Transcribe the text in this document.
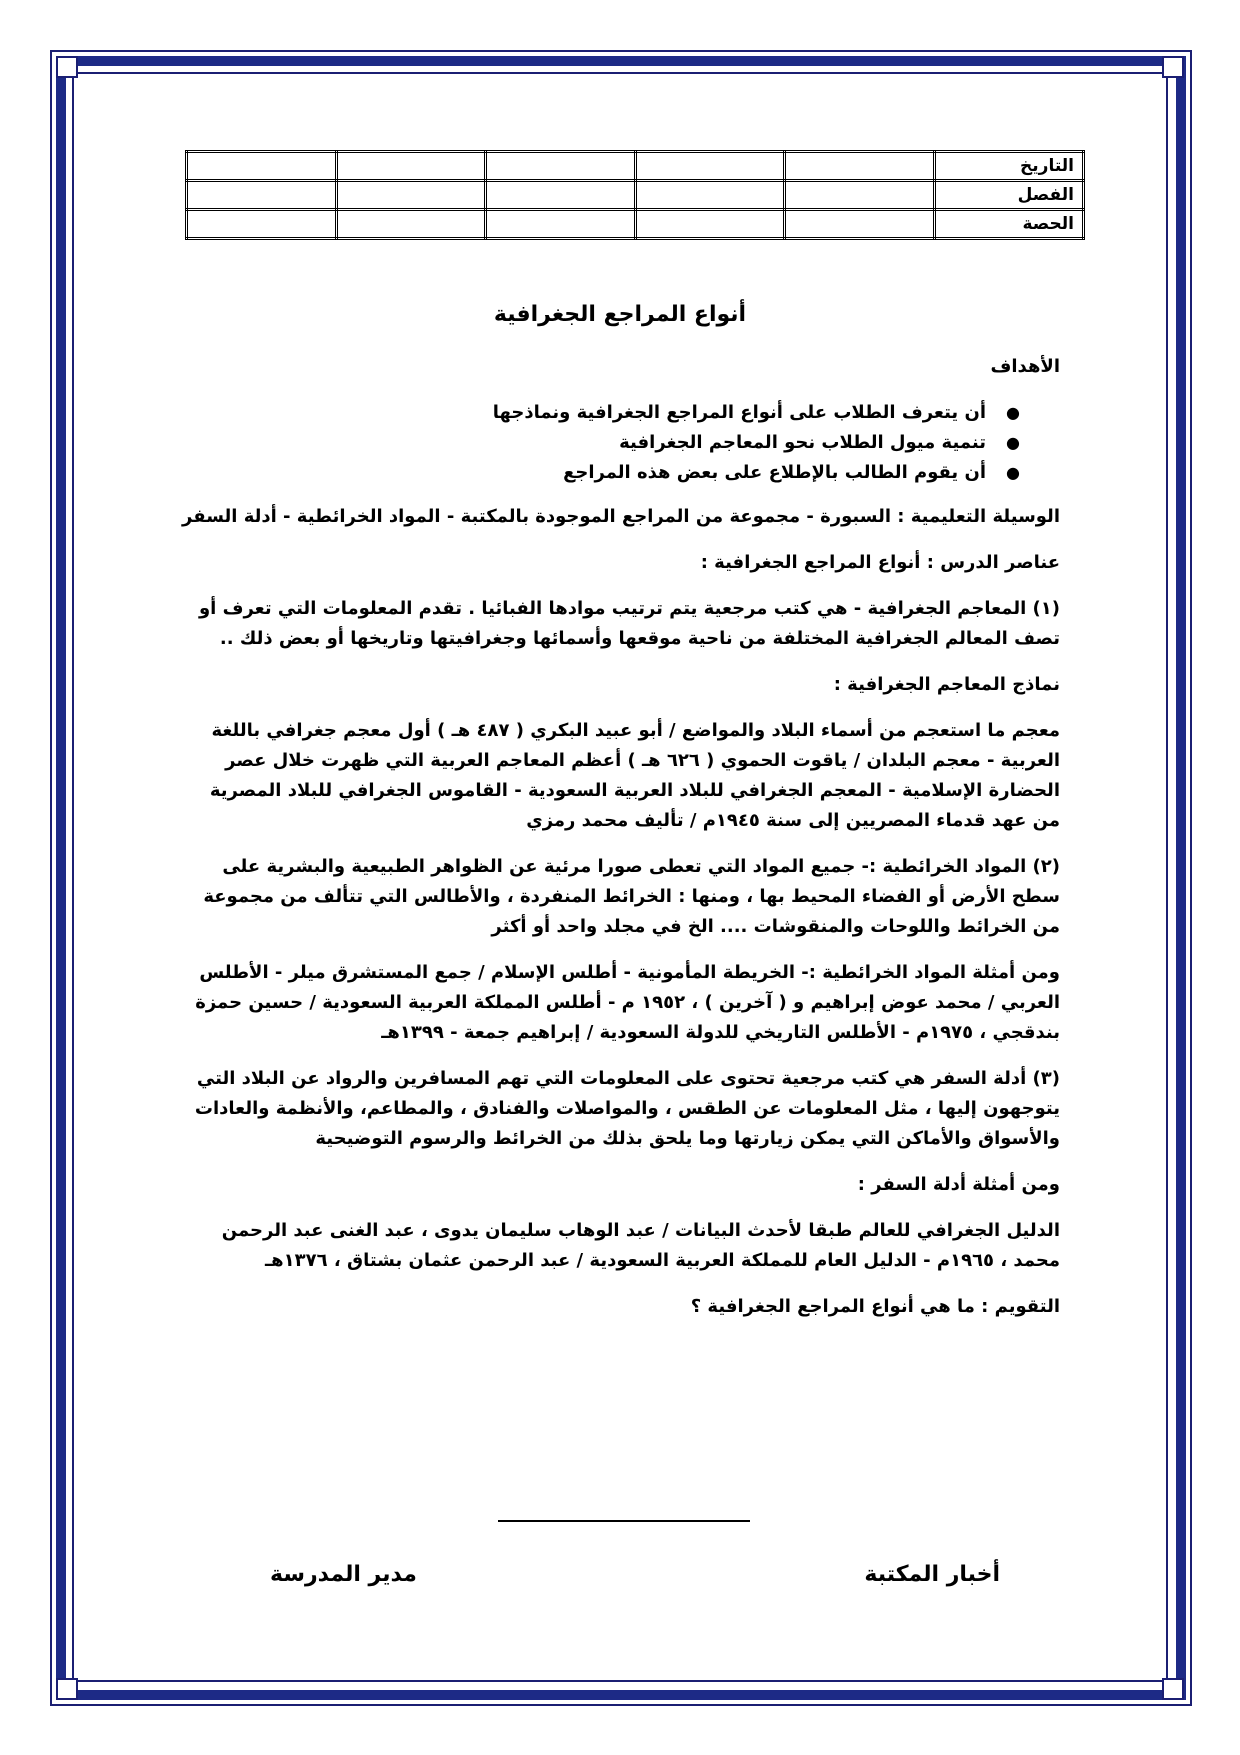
التاريخ					
الفصل					
الحصة					
أنواع المراجع الجغرافية
الأهداف
●
أن يتعرف الطلاب على أنواع المراجع الجغرافية ونماذجها
●
تنمية ميول الطلاب نحو المعاجم الجغرافية
●
أن يقوم الطالب بالإطلاع على بعض هذه المراجع
الوسيلة التعليمية : السبورة - مجموعة من المراجع الموجودة بالمكتبة - المواد الخرائطية - أدلة السفر
عناصر الدرس : أنواع المراجع الجغرافية :
(١) المعاجم الجغرافية - هي كتب مرجعية يتم ترتيب موادها الفبائيا . تقدم المعلومات التي تعرف أو تصف المعالم الجغرافية المختلفة من ناحية موقعها وأسمائها وجغرافيتها وتاريخها أو بعض ذلك ..
نماذج المعاجم الجغرافية :
معجم ما استعجم من أسماء البلاد والمواضع / أبو عبيد البكري ( ٤٨٧ هـ ) أول معجم جغرافي باللغة العربية - معجم البلدان / ياقوت الحموي ( ٦٢٦ هـ ) أعظم المعاجم العربية التي ظهرت خلال عصر الحضارة الإسلامية - المعجم الجغرافي للبلاد العربية السعودية - القاموس الجغرافي للبلاد المصرية من عهد قدماء المصريين إلى سنة ١٩٤٥م / تأليف محمد رمزي
(٢) المواد الخرائطية :- جميع المواد التي تعطى صورا مرئية عن الظواهر الطبيعية والبشرية على سطح الأرض أو الفضاء المحيط بها ، ومنها : الخرائط المنفردة ، والأطالس التي تتألف من مجموعة من الخرائط واللوحات والمنقوشات .... الخ في مجلد واحد أو أكثر
ومن أمثلة المواد الخرائطية :- الخريطة المأمونية - أطلس الإسلام / جمع المستشرق ميلر - الأطلس العربي / محمد عوض إبراهيم و ( آخرين ) ، ١٩٥٢ م - أطلس المملكة العربية السعودية / حسين حمزة بندقجي ، ١٩٧٥م - الأطلس التاريخي للدولة السعودية / إبراهيم جمعة - ١٣٩٩هـ
(٣) أدلة السفر هي كتب مرجعية تحتوى على المعلومات التي تهم المسافرين والرواد عن البلاد التي يتوجهون إليها ، مثل المعلومات عن الطقس ، والمواصلات والفنادق ، والمطاعم، والأنظمة والعادات والأسواق والأماكن التي يمكن زيارتها وما يلحق بذلك من الخرائط والرسوم التوضيحية
ومن أمثلة أدلة السفر :
الدليل الجغرافي للعالم طبقا لأحدث البيانات / عبد الوهاب سليمان يدوى ، عبد الغنى عبد الرحمن محمد ، ١٩٦٥م - الدليل العام للمملكة العربية السعودية / عبد الرحمن عثمان بشتاق ، ١٣٧٦هـ
التقويم : ما هي أنواع المراجع الجغرافية ؟
أخبار المكتبة
مدير المدرسة
